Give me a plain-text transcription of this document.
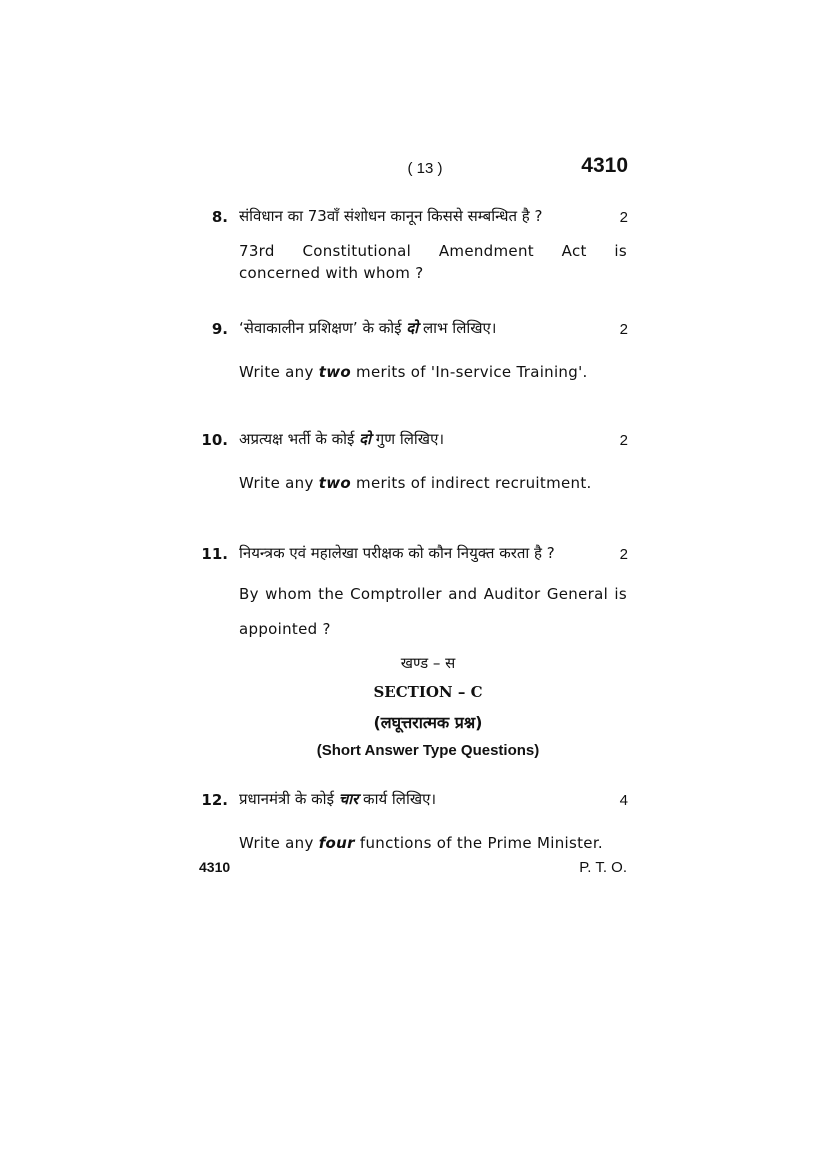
( 13 )	4310
8. संविधान का 73वाँ संशोधन कानून किससे सम्बन्धित है ?	2
73rd Constitutional Amendment Act is
concerned with whom ?
9. ‘सेवाकालीन प्रशिक्षण’ के कोई दो लाभ लिखिए।	2
Write any two merits of 'In-service Training'.
10. अप्रत्यक्ष भर्ती के कोई दो गुण लिखिए।	2
Write any two merits of indirect recruitment.
11. नियन्त्रक एवं महालेखा परीक्षक को कौन नियुक्त करता है ?	2
By whom the Comptroller and Auditor General is
appointed ?
खण्ड – स
SECTION – C
(लघूत्तरात्मक प्रश्न)
(Short Answer Type Questions)
12. प्रधानमंत्री के कोई चार कार्य लिखिए।	4
Write any four functions of the Prime Minister.
4310	P. T. O.
